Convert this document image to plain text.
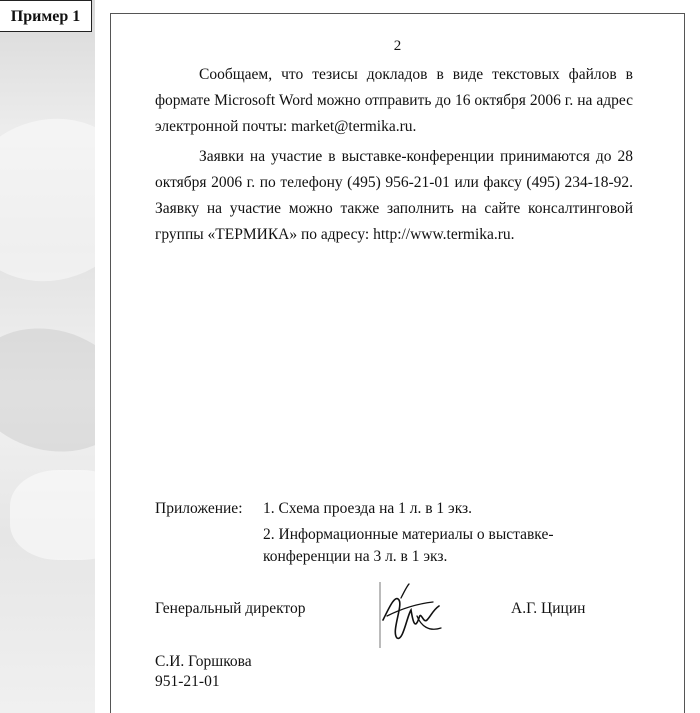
Пример 1
2

Сообщаем, что тезисы докладов в виде текстовых файлов в формате Microsoft Word можно отправить до 16 октября 2006 г. на адрес электронной почты: market@termika.ru.

Заявки на участие в выставке-конференции принимаются до 28 октября 2006 г. по телефону (495) 956-21-01 или факсу (495) 234-18-92. Заявку на участие можно также заполнить на сайте консалтинговой группы «ТЕРМИКА» по адресу: http://www.termika.ru.

Приложение: 1. Схема проезда на 1 л. в 1 экз.
2. Информационные материалы о выставке-конференции на 3 л. в 1 экз.
Генеральный директор	А.Г. Цицин
С.И. Горшкова
951-21-01
